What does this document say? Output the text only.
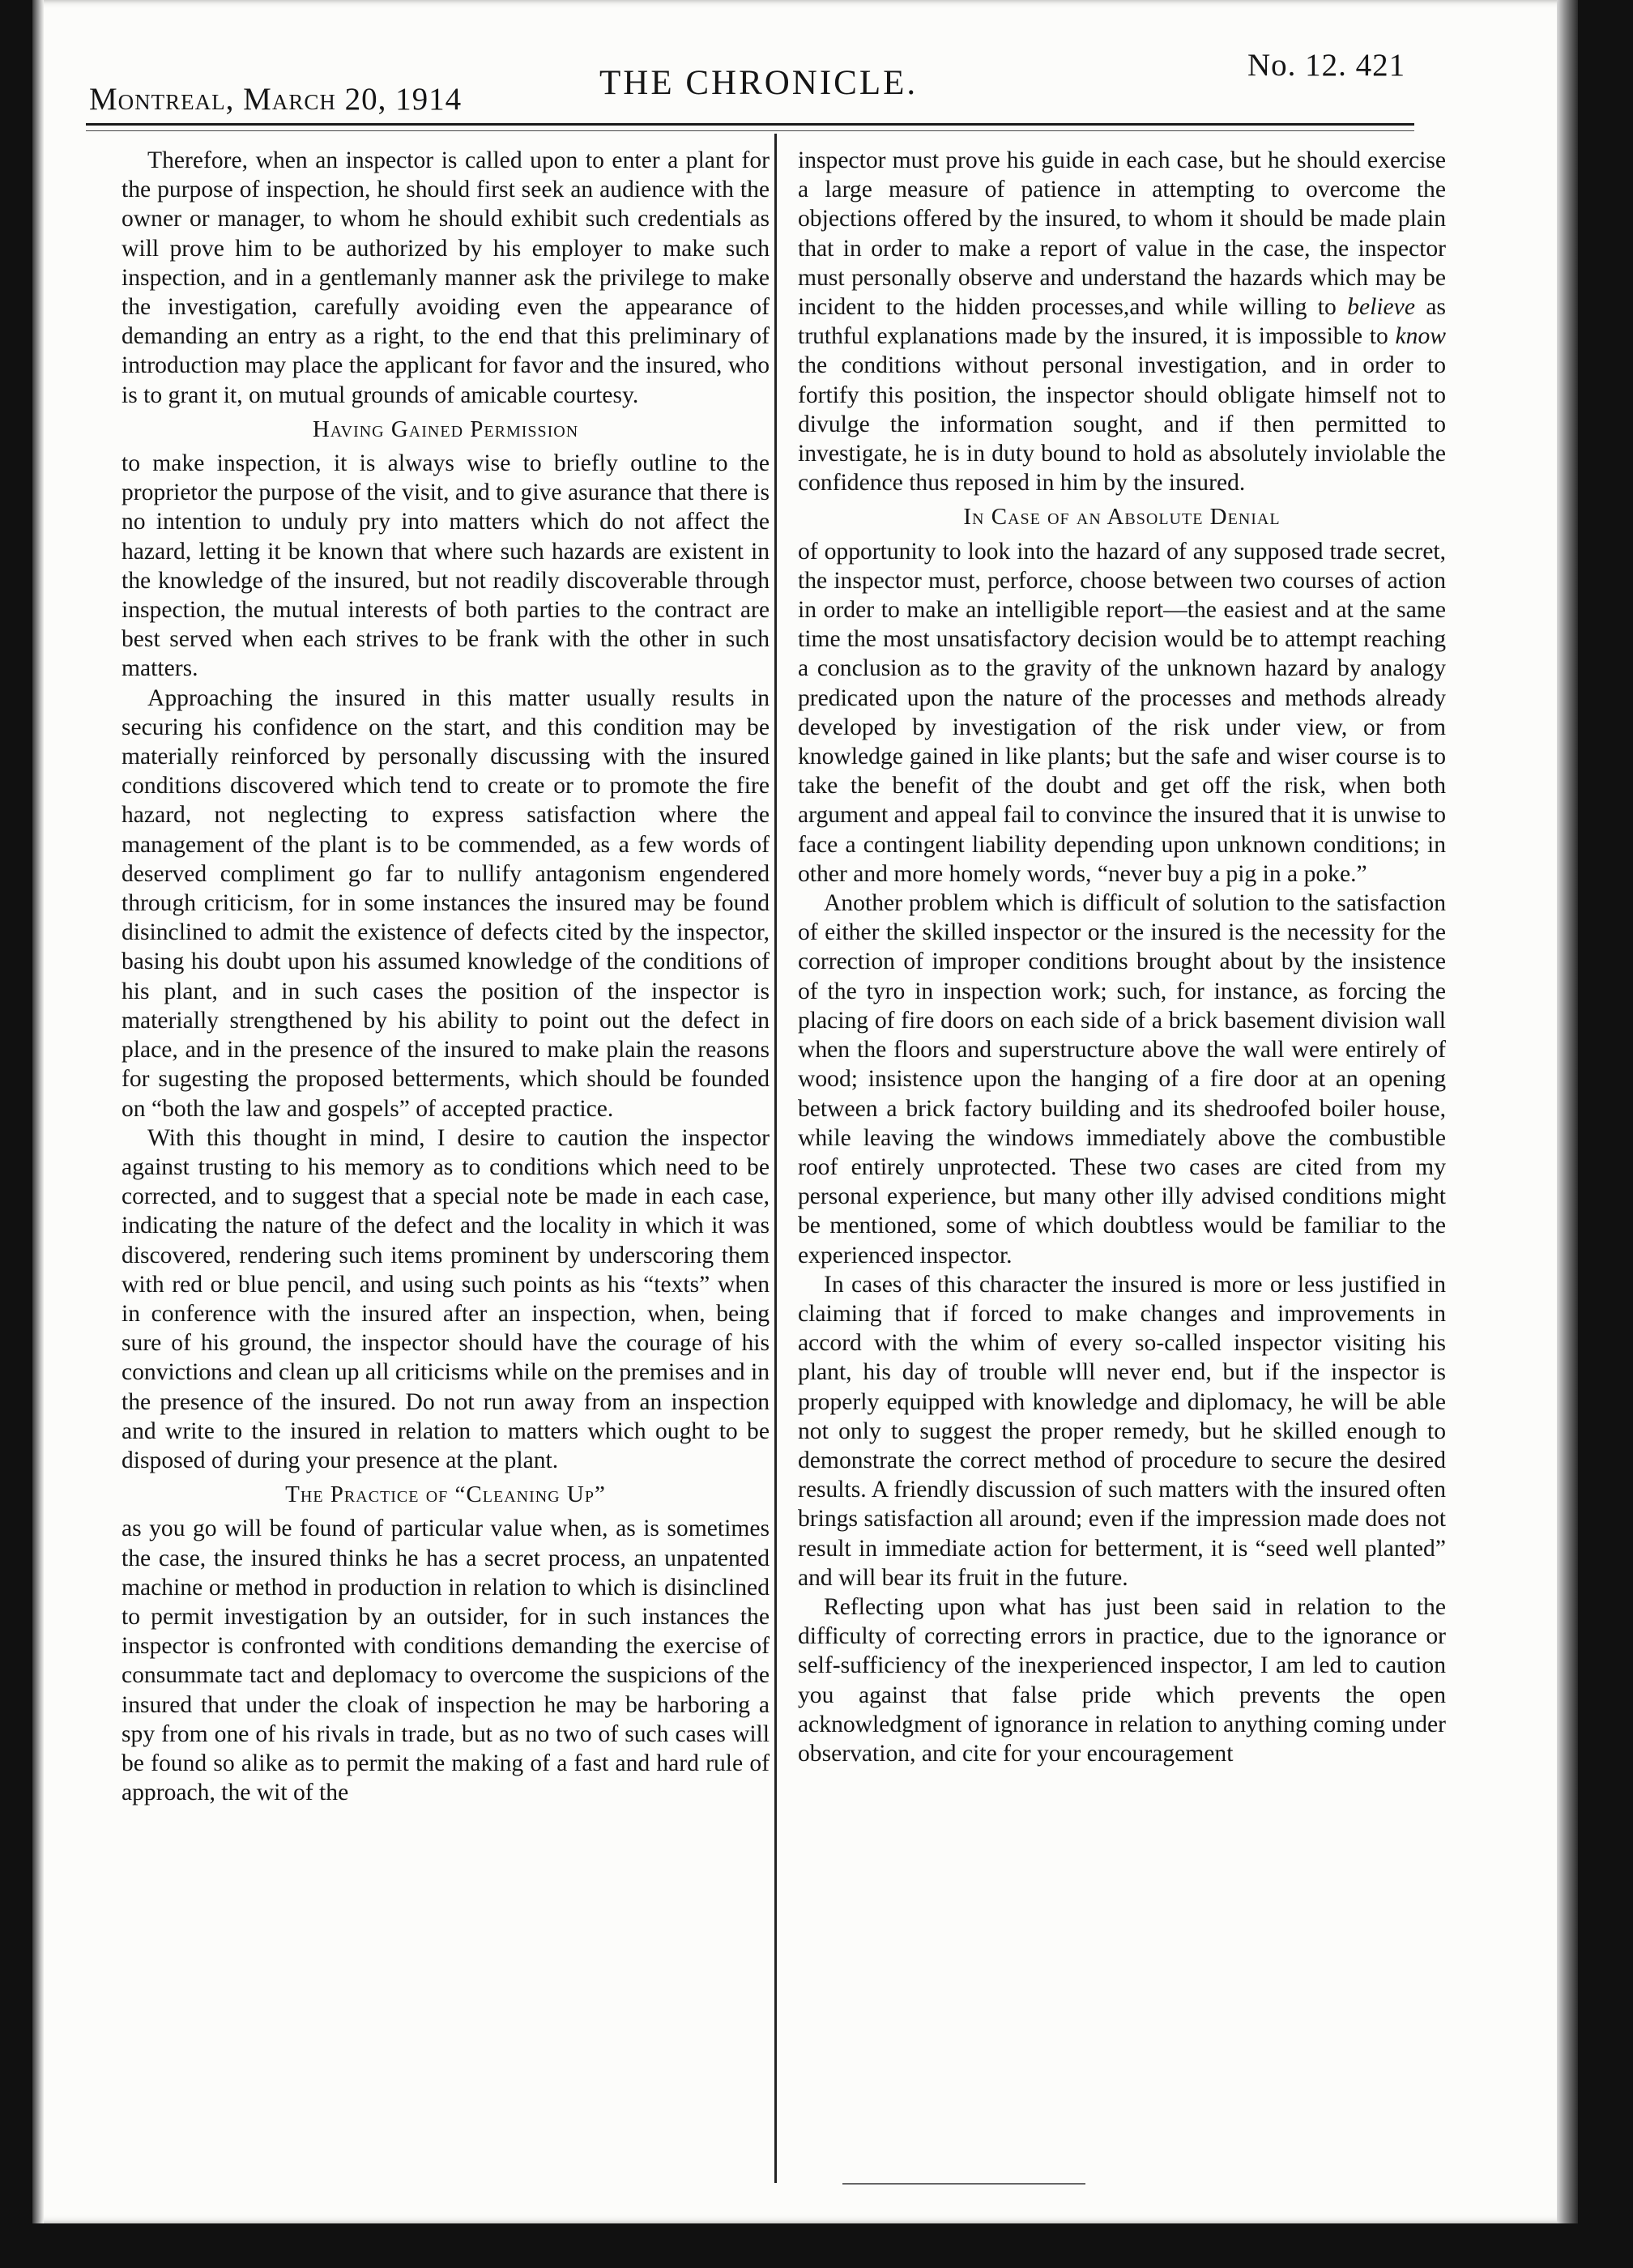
Montreal, March 20, 1914	THE CHRONICLE.	No. 12. 421

Therefore, when an inspector is called upon to enter a plant for the purpose of inspection, he should first seek an audience with the owner or manager, to whom he should exhibit such credentials as will prove him to be authorized by his employer to make such inspection, and in a gentlemanly manner ask the privilege to make the investigation, carefully avoiding even the appearance of demanding an entry as a right, to the end that this preliminary of introduction may place the applicant for favor and the insured, who is to grant it, on mutual grounds of amicable courtesy.

Having Gained Permission

to make inspection, it is always wise to briefly outline to the proprietor the purpose of the visit, and to give asurance that there is no intention to unduly pry into matters which do not affect the hazard, letting it be known that where such hazards are existent in the knowledge of the insured, but not readily discoverable through inspection, the mutual interests of both parties to the contract are best served when each strives to be frank with the other in such matters.

Approaching the insured in this matter usually results in securing his confidence on the start, and this condition may be materially reinforced by personally discussing with the insured conditions discovered which tend to create or to promote the fire hazard, not neglecting to express satisfaction where the management of the plant is to be commended, as a few words of deserved compliment go far to nullify antagonism engendered through criticism, for in some instances the insured may be found disinclined to admit the existence of defects cited by the inspector, basing his doubt upon his assumed knowledge of the conditions of his plant, and in such cases the position of the inspector is materially strengthened by his ability to point out the defect in place, and in the presence of the insured to make plain the reasons for sugesting the proposed betterments, which should be founded on “both the law and gospels” of accepted practice.

With this thought in mind, I desire to caution the inspector against trusting to his memory as to conditions which need to be corrected, and to suggest that a special note be made in each case, indicating the nature of the defect and the locality in which it was discovered, rendering such items prominent by underscoring them with red or blue pencil, and using such points as his “texts” when in conference with the insured after an inspection, when, being sure of his ground, the inspector should have the courage of his convictions and clean up all criticisms while on the premises and in the presence of the insured. Do not run away from an inspection and write to the insured in relation to matters which ought to be disposed of during your presence at the plant.

The Practice of “Cleaning Up”

as you go will be found of particular value when, as is sometimes the case, the insured thinks he has a secret process, an unpatented machine or method in production in relation to which is disinclined to permit investigation by an outsider, for in such instances the inspector is confronted with conditions demanding the exercise of consummate tact and deplomacy to overcome the suspicions of the insured that under the cloak of inspection he may be harboring a spy from one of his rivals in trade, but as no two of such cases will be found so alike as to permit the making of a fast and hard rule of approach, the wit of the

inspector must prove his guide in each case, but he should exercise a large measure of patience in attempting to overcome the objections offered by the insured, to whom it should be made plain that in order to make a report of value in the case, the inspector must personally observe and understand the hazards which may be incident to the hidden processes,and while willing to believe as truthful explanations made by the insured, it is impossible to know the conditions without personal investigation, and in order to fortify this position, the inspector should obligate himself not to divulge the information sought, and if then permitted to investigate, he is in duty bound to hold as absolutely inviolable the confidence thus reposed in him by the insured.

In Case of an Absolute Denial

of opportunity to look into the hazard of any supposed trade secret, the inspector must, perforce, choose between two courses of action in order to make an intelligible report—the easiest and at the same time the most unsatisfactory decision would be to attempt reaching a conclusion as to the gravity of the unknown hazard by analogy predicated upon the nature of the processes and methods already developed by investigation of the risk under view, or from knowledge gained in like plants; but the safe and wiser course is to take the benefit of the doubt and get off the risk, when both argument and appeal fail to convince the insured that it is unwise to face a contingent liability depending upon unknown conditions; in other and more homely words, “never buy a pig in a poke.”

Another problem which is difficult of solution to the satisfaction of either the skilled inspector or the insured is the necessity for the correction of improper conditions brought about by the insistence of the tyro in inspection work; such, for instance, as forcing the placing of fire doors on each side of a brick basement division wall when the floors and superstructure above the wall were entirely of wood; insistence upon the hanging of a fire door at an opening between a brick factory building and its shedroofed boiler house, while leaving the windows immediately above the combustible roof entirely unprotected. These two cases are cited from my personal experience, but many other illy advised conditions might be mentioned, some of which doubtless would be familiar to the experienced inspector.

In cases of this character the insured is more or less justified in claiming that if forced to make changes and improvements in accord with the whim of every so-called inspector visiting his plant, his day of trouble wlll never end, but if the inspector is properly equipped with knowledge and diplomacy, he will be able not only to suggest the proper remedy, but he skilled enough to demonstrate the correct method of procedure to secure the desired results. A friendly discussion of such matters with the insured often brings satisfaction all around; even if the impression made does not result in immediate action for betterment, it is “seed well planted” and will bear its fruit in the future.

Reflecting upon what has just been said in relation to the difficulty of correcting errors in practice, due to the ignorance or self-sufficiency of the inexperienced inspector, I am led to caution you against that false pride which prevents the open acknowledgment of ignorance in relation to anything coming under observation, and cite for your encouragement
